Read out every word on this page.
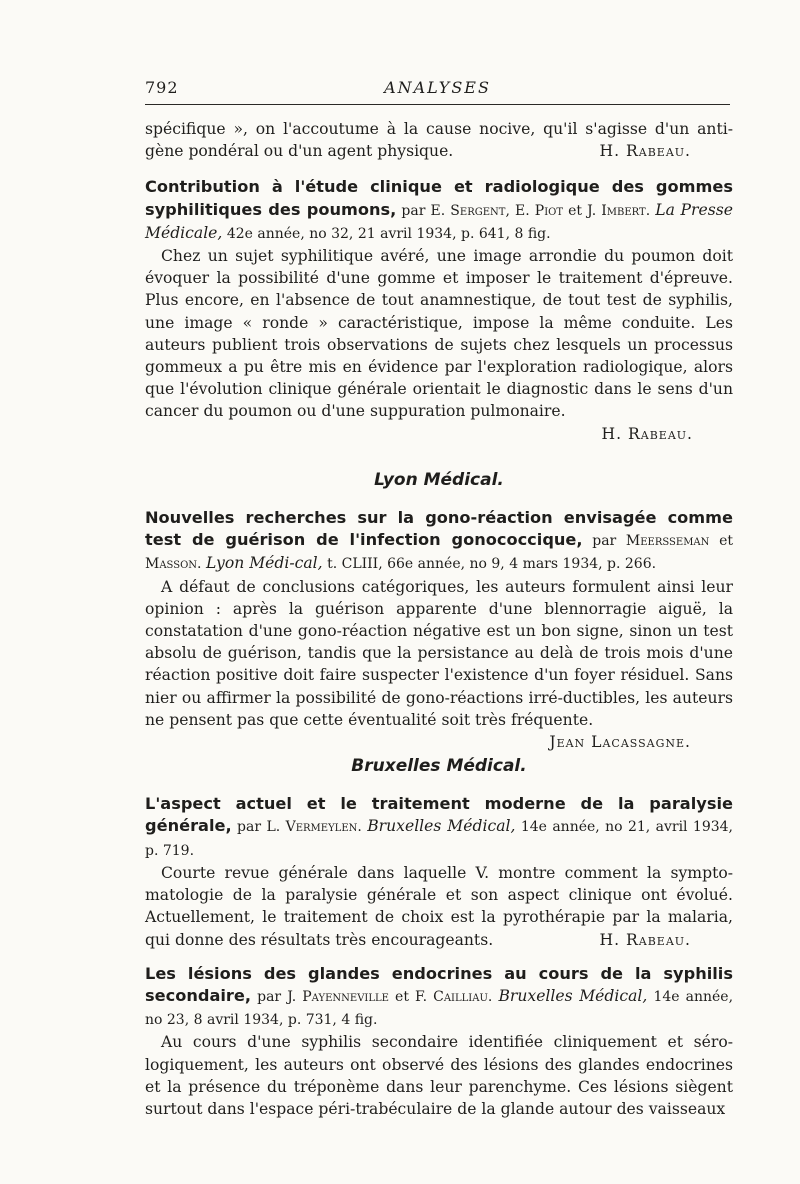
792	ANALYSES

spécifique », on l'accoutume à la cause nocive, qu'il s'agisse d'un anti-gène pondéral ou d'un agent physique.	H. Rabeau.

Contribution à l'étude clinique et radiologique des gommes syphilitiques des poumons, par E. Sergent, E. Piot et J. Imbert. La Presse Médicale, 42e année, no 32, 21 avril 1934, p. 641, 8 fig.

Chez un sujet syphilitique avéré, une image arrondie du poumon doit évoquer la possibilité d'une gomme et imposer le traitement d'épreuve. Plus encore, en l'absence de tout anamnestique, de tout test de syphilis, une image « ronde » caractéristique, impose la même conduite. Les auteurs publient trois observations de sujets chez lesquels un processus gommeux a pu être mis en évidence par l'exploration radiologique, alors que l'évolution clinique générale orientait le diagnostic dans le sens d'un cancer du poumon ou d'une suppuration pulmonaire.

H. Rabeau.

Lyon Médical.

Nouvelles recherches sur la gono-réaction envisagée comme test de guérison de l'infection gonococcique, par Meersseman et Masson. Lyon Médi-cal, t. CLIII, 66e année, no 9, 4 mars 1934, p. 266.

A défaut de conclusions catégoriques, les auteurs formulent ainsi leur opinion : après la guérison apparente d'une blennorragie aiguë, la constatation d'une gono-réaction négative est un bon signe, sinon un test absolu de guérison, tandis que la persistance au delà de trois mois d'une réaction positive doit faire suspecter l'existence d'un foyer résiduel. Sans nier ou affirmer la possibilité de gono-réactions irré-ductibles, les auteurs ne pensent pas que cette éventualité soit très fréquente.
Jean Lacassagne.

Bruxelles Médical.

L'aspect actuel et le traitement moderne de la paralysie générale, par L. Vermeylen. Bruxelles Médical, 14e année, no 21, avril 1934, p. 719.

Courte revue générale dans laquelle V. montre comment la sympto-matologie de la paralysie générale et son aspect clinique ont évolué. Actuellement, le traitement de choix est la pyrothérapie par la malaria, qui donne des résultats très encourageants.	H. Rabeau.

Les lésions des glandes endocrines au cours de la syphilis secondaire, par J. Payenneville et F. Cailliau. Bruxelles Médical, 14e année, no 23, 8 avril 1934, p. 731, 4 fig.

Au cours d'une syphilis secondaire identifiée cliniquement et séro-logiquement, les auteurs ont observé des lésions des glandes endocrines et la présence du tréponème dans leur parenchyme. Ces lésions siègent surtout dans l'espace péri-trabéculaire de la glande autour des vaisseaux
